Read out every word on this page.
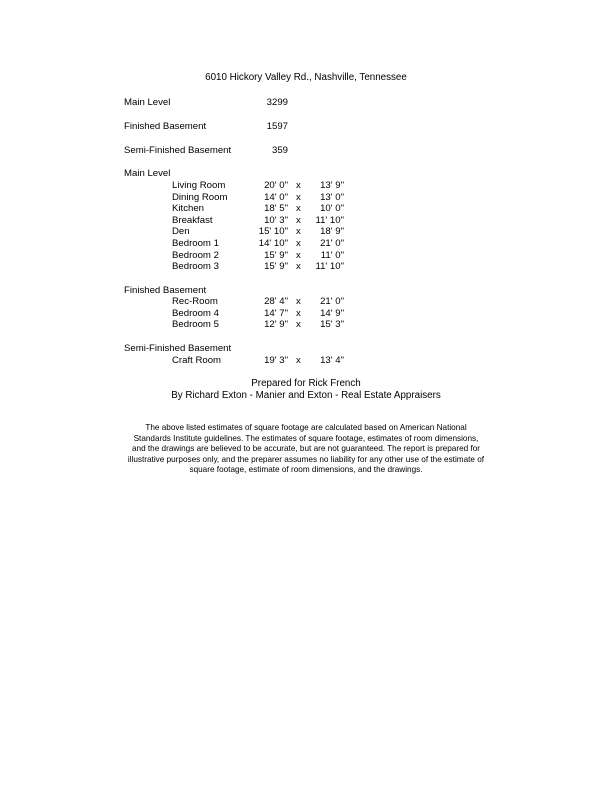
6010 Hickory Valley Rd., Nashville, Tennessee
Main Level	3299
Finished Basement	1597
Semi-Finished Basement	359
Main Level
Living Room	20' 0" x 13' 9"
Dining Room	14' 0" x 13' 0"
Kitchen	18' 5" x 10' 0"
Breakfast	10' 3" x 11' 10"
Den	15' 10" x 18' 9"
Bedroom 1	14' 10" x 21' 0"
Bedroom 2	15' 9" x 11' 0"
Bedroom 3	15' 9" x 11' 10"
Finished Basement
Rec-Room	28' 4" x 21' 0"
Bedroom 4	14' 7" x 14' 9"
Bedroom 5	12' 9" x 15' 3"
Semi-Finished Basement
Craft Room	19' 3" x 13' 4"
Prepared for Rick French
By Richard Exton - Manier and Exton - Real Estate Appraisers
The above listed estimates of square footage are calculated based on American National Standards Institute guidelines. The estimates of square footage, estimates of room dimensions, and the drawings are believed to be accurate, but are not guaranteed. The report is prepared for illustrative purposes only, and the preparer assumes no liability for any other use of the estimate of square footage, estimate of room dimensions, and the drawings.
